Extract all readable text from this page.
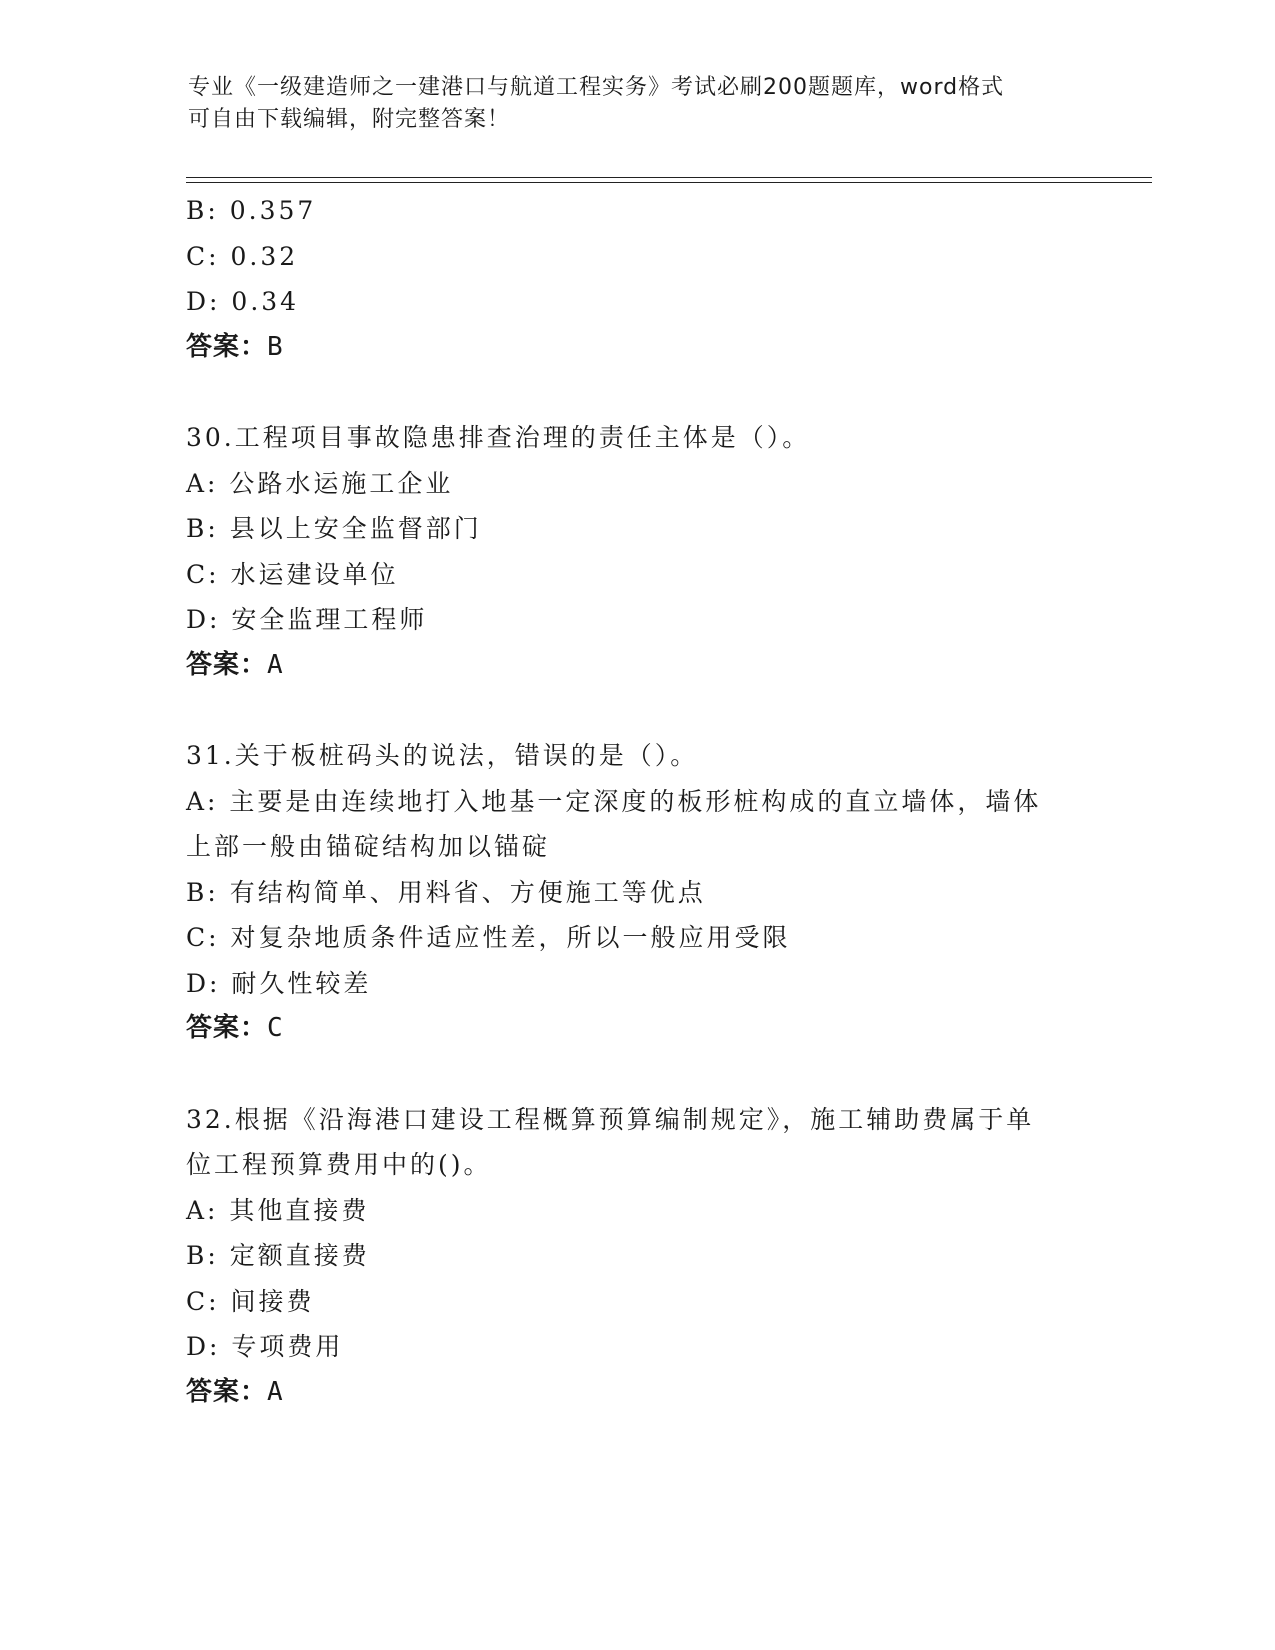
专业《一级建造师之一建港口与航道工程实务》考试必刷200题题库，word格式
可自由下载编辑，附完整答案！
B: 0.357
C: 0.32
D: 0.34
答案：B
30.工程项目事故隐患排查治理的责任主体是（）。
A: 公路水运施工企业
B: 县以上安全监督部门
C: 水运建设单位
D: 安全监理工程师
答案：A
31.关于板桩码头的说法，错误的是（）。
A: 主要是由连续地打入地基一定深度的板形桩构成的直立墙体，墙体
上部一般由锚碇结构加以锚碇
B: 有结构简单、用料省、方便施工等优点
C: 对复杂地质条件适应性差，所以一般应用受限
D: 耐久性较差
答案：C
32.根据《沿海港口建设工程概算预算编制规定》，施工辅助费属于单
位工程预算费用中的()。
A: 其他直接费
B: 定额直接费
C: 间接费
D: 专项费用
答案：A
